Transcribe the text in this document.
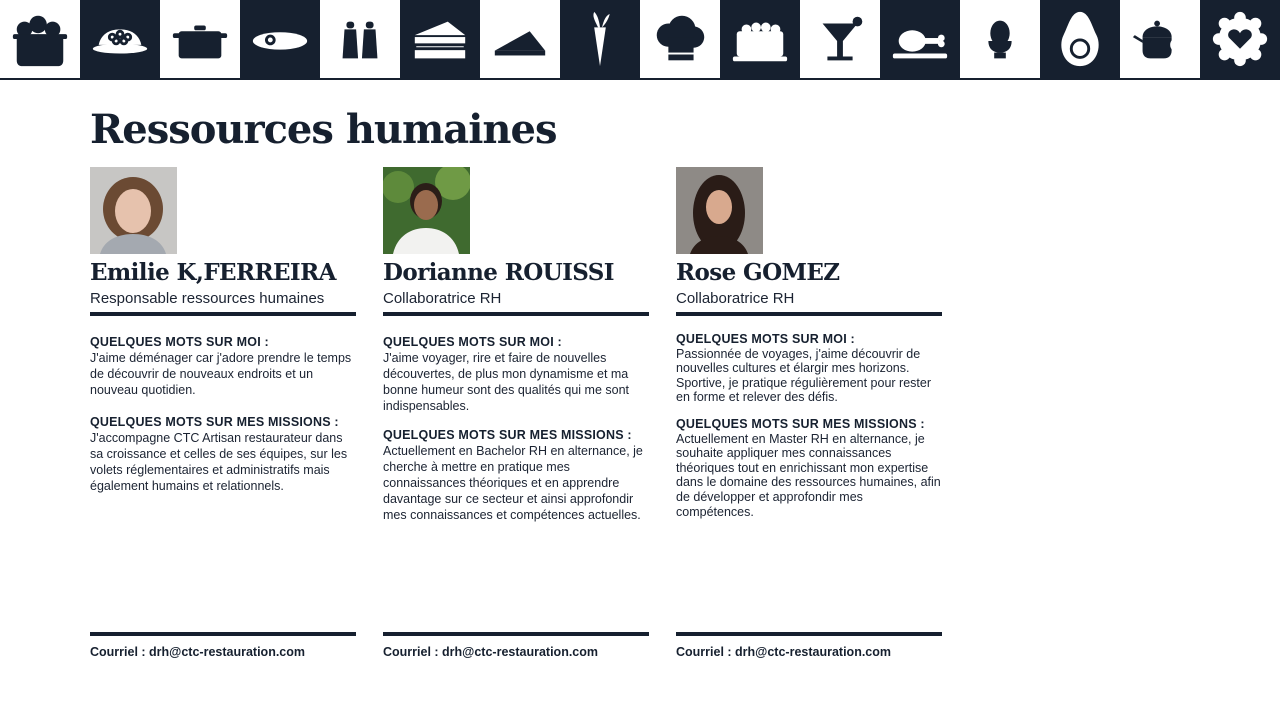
Ressources humaines
Emilie K,FERREIRA
Responsable ressources humaines
QUELQUES MOTS SUR MOI :

J'aime déménager car j'adore prendre le temps de découvrir de nouveaux endroits et un nouveau quotidien.

QUELQUES MOTS SUR MES MISSIONS :

J'accompagne CTC Artisan restaurateur dans sa croissance et celles de ses équipes, sur les volets réglementaires et administratifs mais également humains et relationnels.

Courriel : drh@ctc-restauration.com
Dorianne ROUISSI
Collaboratrice RH
QUELQUES MOTS SUR MOI :

J'aime voyager, rire et faire de nouvelles découvertes, de plus mon dynamisme et ma bonne humeur sont des qualités qui me sont indispensables.

QUELQUES MOTS SUR MES MISSIONS :

Actuellement en Bachelor RH en alternance, je cherche à mettre en pratique mes connaissances théoriques et en apprendre davantage sur ce secteur et ainsi approfondir mes connaissances et compétences actuelles.

Courriel : drh@ctc-restauration.com
Rose GOMEZ
Collaboratrice RH
QUELQUES MOTS SUR MOI :

Passionnée de voyages, j'aime découvrir de nouvelles cultures et élargir mes horizons. Sportive, je pratique régulièrement pour rester en forme et relever des défis.

QUELQUES MOTS SUR MES MISSIONS :

Actuellement en Master RH en alternance, je souhaite appliquer mes connaissances théoriques tout en enrichissant mon expertise dans le domaine des ressources humaines, afin de développer et approfondir mes compétences.

Courriel : drh@ctc-restauration.com
